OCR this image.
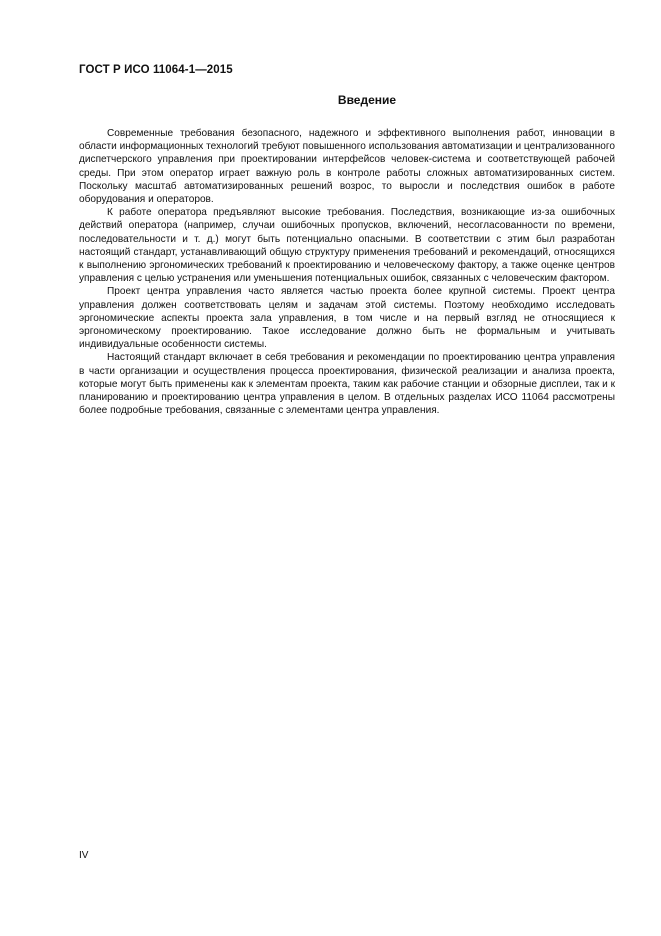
ГОСТ Р ИСО 11064-1—2015
Введение

Современные требования безопасного, надежного и эффективного выполнения работ, инновации в области информационных технологий требуют повышенного использования автоматизации и централизованного диспетчерского управления при проектировании интерфейсов человек-система и соответствующей рабочей среды. При этом оператор играет важную роль в контроле работы сложных автоматизированных систем. Поскольку масштаб автоматизированных решений возрос, то выросли и последствия ошибок в работе оборудования и операторов.

К работе оператора предъявляют высокие требования. Последствия, возникающие из-за ошибочных действий оператора (например, случаи ошибочных пропусков, включений, несогласованности по времени, последовательности и т. д.) могут быть потенциально опасными. В соответствии с этим был разработан настоящий стандарт, устанавливающий общую структуру применения требований и рекомендаций, относящихся к выполнению эргономических требований к проектированию и человеческому фактору, а также оценке центров управления с целью устранения или уменьшения потенциальных ошибок, связанных с человеческим фактором.

Проект центра управления часто является частью проекта более крупной системы. Проект центра управления должен соответствовать целям и задачам этой системы. Поэтому необходимо исследовать эргономические аспекты проекта зала управления, в том числе и на первый взгляд не относящиеся к эргономическому проектированию. Такое исследование должно быть не формальным и учитывать индивидуальные особенности системы.

Настоящий стандарт включает в себя требования и рекомендации по проектированию центра управления в части организации и осуществления процесса проектирования, физической реализации и анализа проекта, которые могут быть применены как к элементам проекта, таким как рабочие станции и обзорные дисплеи, так и к планированию и проектированию центра управления в целом. В отдельных разделах ИСО 11064 рассмотрены более подробные требования, связанные с элементами центра управления.

IV
